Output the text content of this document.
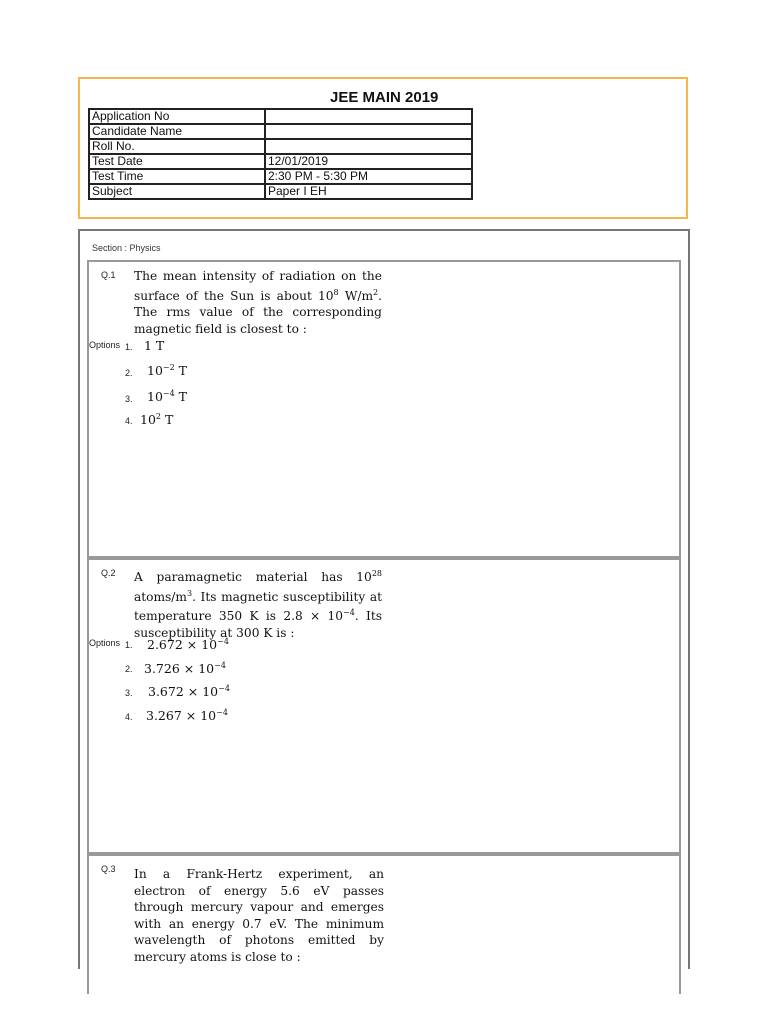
JEE MAIN 2019
Application No	
Candidate Name	
Roll No.	
Test Date	12/01/2019
Test Time	2:30 PM - 5:30 PM
Subject	Paper I EH
Section : Physics
Q.1 The mean intensity of radiation on the surface of the Sun is about $10^8$ $W/m^2$. The rms value of the corresponding magnetic field is closest to :
Options 1. 1 T
2. $10^{-2}$ T
3. $10^{-4}$ T
4. $10^2$ T
Q.2 A paramagnetic material has $10^{28}$ atoms/$m^3$. Its magnetic susceptibility at temperature 350 K is $2.8 \times 10^{-4}$. Its susceptibility at 300 K is :
Options 1. $2.672 \times 10^{-4}$
2. $3.726 \times 10^{-4}$
3. $3.672 \times 10^{-4}$
4. $3.267 \times 10^{-4}$
Q.3 In a Frank-Hertz experiment, an electron of energy 5.6 eV passes through mercury vapour and emerges with an energy 0.7 eV. The minimum wavelength of photons emitted by mercury atoms is close to :
